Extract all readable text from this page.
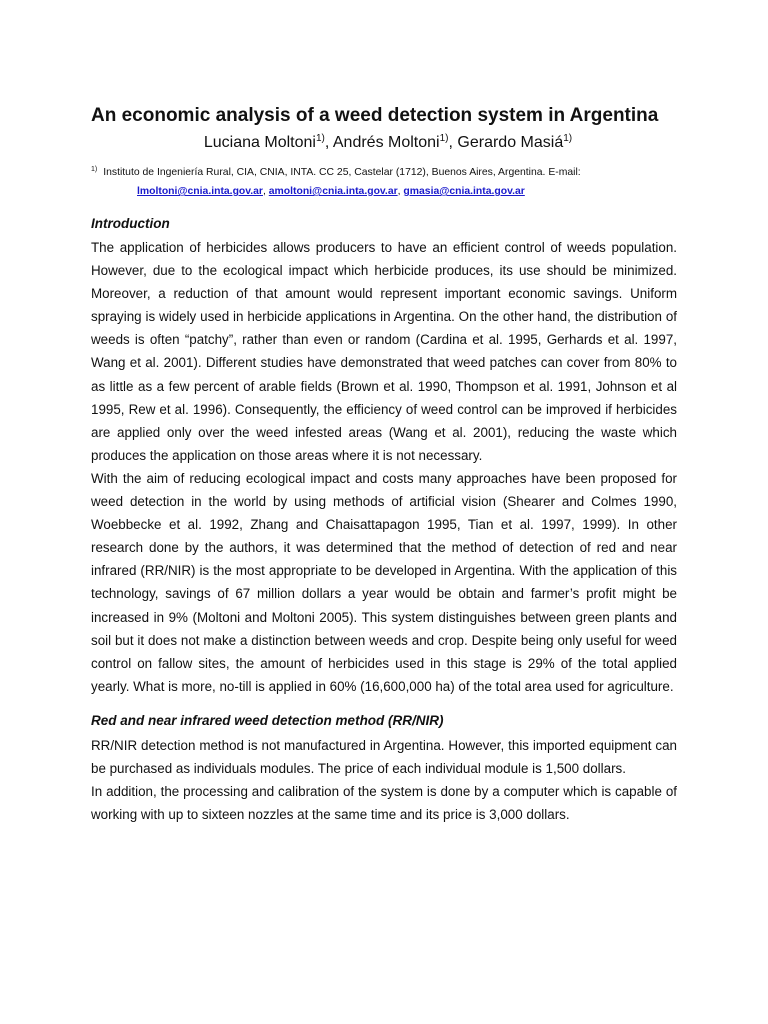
An economic analysis of a weed detection system in Argentina
Luciana Moltoni$^{1)}$, Andrés Moltoni$^{1)}$, Gerardo Masiá$^{1)}$

$^{1)}$ Instituto de Ingeniería Rural, CIA, CNIA, INTA. CC 25, Castelar (1712), Buenos Aires, Argentina. E-mail:
lmoltoni@cnia.inta.gov.ar, amoltoni@cnia.inta.gov.ar, gmasia@cnia.inta.gov.ar

Introduction

The application of herbicides allows producers to have an efficient control of weeds population. However, due to the ecological impact which herbicide produces, its use should be minimized. Moreover, a reduction of that amount would represent important economic savings. Uniform spraying is widely used in herbicide applications in Argentina. On the other hand, the distribution of weeds is often “patchy”, rather than even or random (Cardina et al. 1995, Gerhards et al. 1997, Wang et al. 2001). Different studies have demonstrated that weed patches can cover from 80% to as little as a few percent of arable fields (Brown et al. 1990, Thompson et al. 1991, Johnson et al 1995, Rew et al. 1996). Consequently, the efficiency of weed control can be improved if herbicides are applied only over the weed infested areas (Wang et al. 2001), reducing the waste which produces the application on those areas where it is not necessary.

With the aim of reducing ecological impact and costs many approaches have been proposed for weed detection in the world by using methods of artificial vision (Shearer and Colmes 1990, Woebbecke et al. 1992, Zhang and Chaisattapagon 1995, Tian et al. 1997, 1999). In other research done by the authors, it was determined that the method of detection of red and near infrared (RR/NIR) is the most appropriate to be developed in Argentina. With the application of this technology, savings of 67 million dollars a year would be obtain and farmer’s profit might be increased in 9% (Moltoni and Moltoni 2005). This system distinguishes between green plants and soil but it does not make a distinction between weeds and crop. Despite being only useful for weed control on fallow sites, the amount of herbicides used in this stage is 29% of the total applied yearly. What is more, no-till is applied in 60% (16,600,000 ha) of the total area used for agriculture.

Red and near infrared weed detection method (RR/NIR)

RR/NIR detection method is not manufactured in Argentina. However, this imported equipment can be purchased as individuals modules. The price of each individual module is 1,500 dollars.

In addition, the processing and calibration of the system is done by a computer which is capable of working with up to sixteen nozzles at the same time and its price is 3,000 dollars.
